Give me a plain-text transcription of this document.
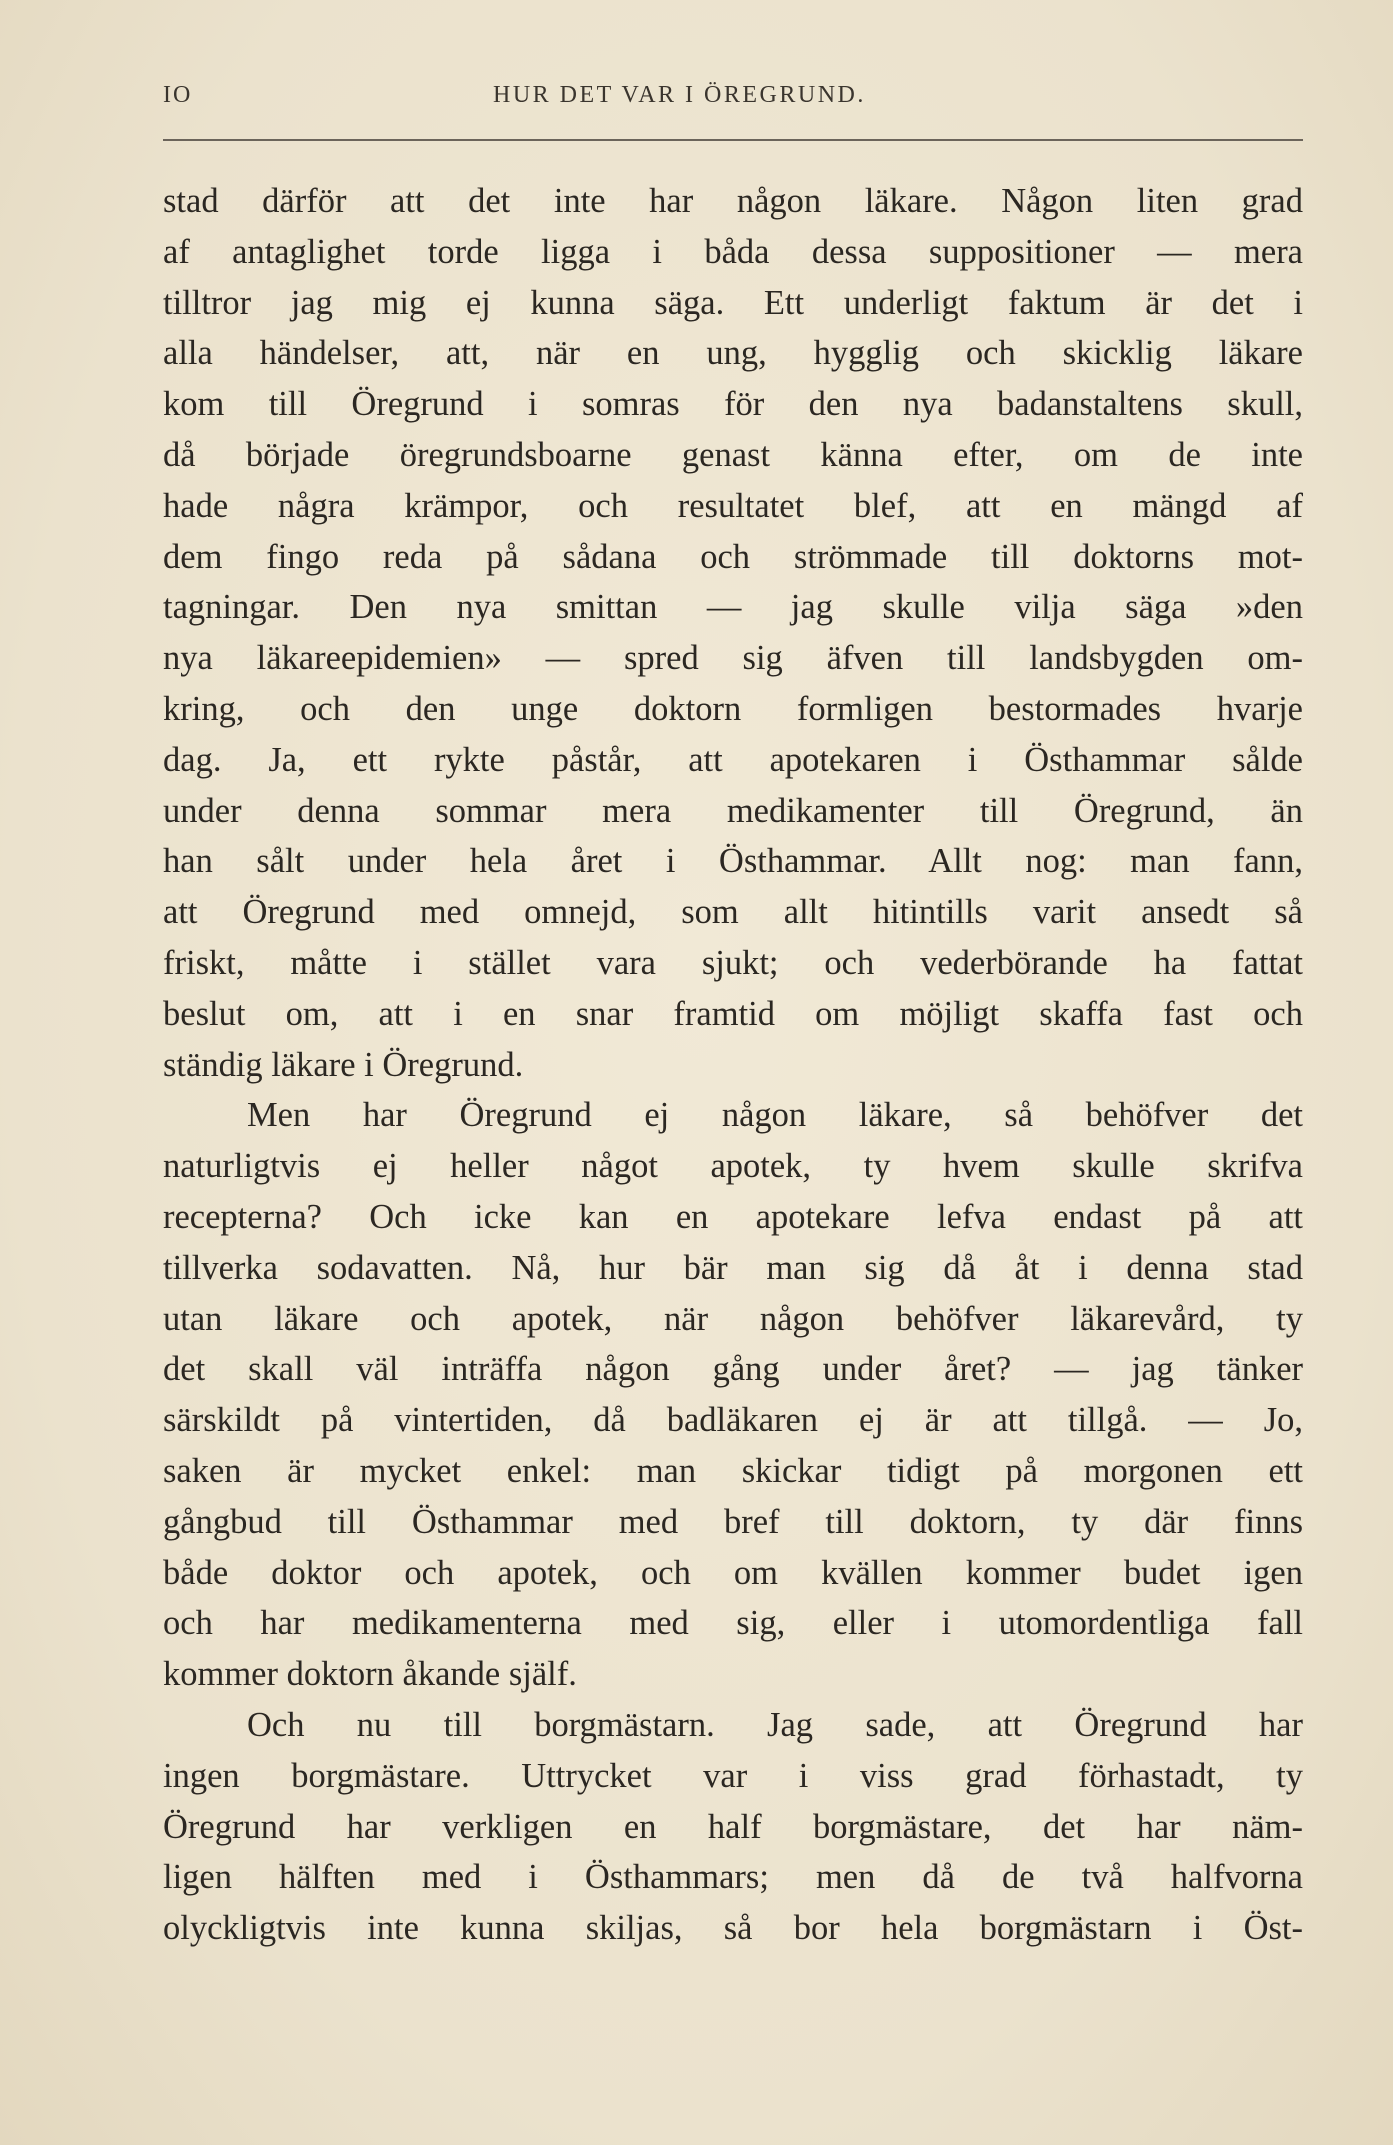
IO	HUR DET VAR I ÖREGRUND.
stad därför att det inte har någon läkare. Någon liten grad
af antaglighet torde ligga i båda dessa suppositioner — mera
tilltror jag mig ej kunna säga. Ett underligt faktum är det i
alla händelser, att, när en ung, hygglig och skicklig läkare
kom till Öregrund i somras för den nya badanstaltens skull,
då började öregrundsboarne genast känna efter, om de inte
hade några krämpor, och resultatet blef, att en mängd af
dem fingo reda på sådana och strömmade till doktorns mot-
tagningar. Den nya smittan — jag skulle vilja säga »den
nya läkareepidemien» — spred sig äfven till landsbygden om-
kring, och den unge doktorn formligen bestormades hvarje
dag. Ja, ett rykte påstår, att apotekaren i Östhammar sålde
under denna sommar mera medikamenter till Öregrund, än
han sålt under hela året i Östhammar. Allt nog: man fann,
att Öregrund med omnejd, som allt hitintills varit ansedt så
friskt, måtte i stället vara sjukt; och vederbörande ha fattat
beslut om, att i en snar framtid om möjligt skaffa fast och
ständig läkare i Öregrund.
Men har Öregrund ej någon läkare, så behöfver det
naturligtvis ej heller något apotek, ty hvem skulle skrifva
recepterna? Och icke kan en apotekare lefva endast på att
tillverka sodavatten. Nå, hur bär man sig då åt i denna stad
utan läkare och apotek, när någon behöfver läkarevård, ty
det skall väl inträffa någon gång under året? — jag tänker
särskildt på vintertiden, då badläkaren ej är att tillgå. — Jo,
saken är mycket enkel: man skickar tidigt på morgonen ett
gångbud till Östhammar med bref till doktorn, ty där finns
både doktor och apotek, och om kvällen kommer budet igen
och har medikamenterna med sig, eller i utomordentliga fall
kommer doktorn åkande själf.
Och nu till borgmästarn. Jag sade, att Öregrund har
ingen borgmästare. Uttrycket var i viss grad förhastadt, ty
Öregrund har verkligen en half borgmästare, det har näm-
ligen hälften med i Östhammars; men då de två halfvorna
olyckligtvis inte kunna skiljas, så bor hela borgmästarn i Öst-
